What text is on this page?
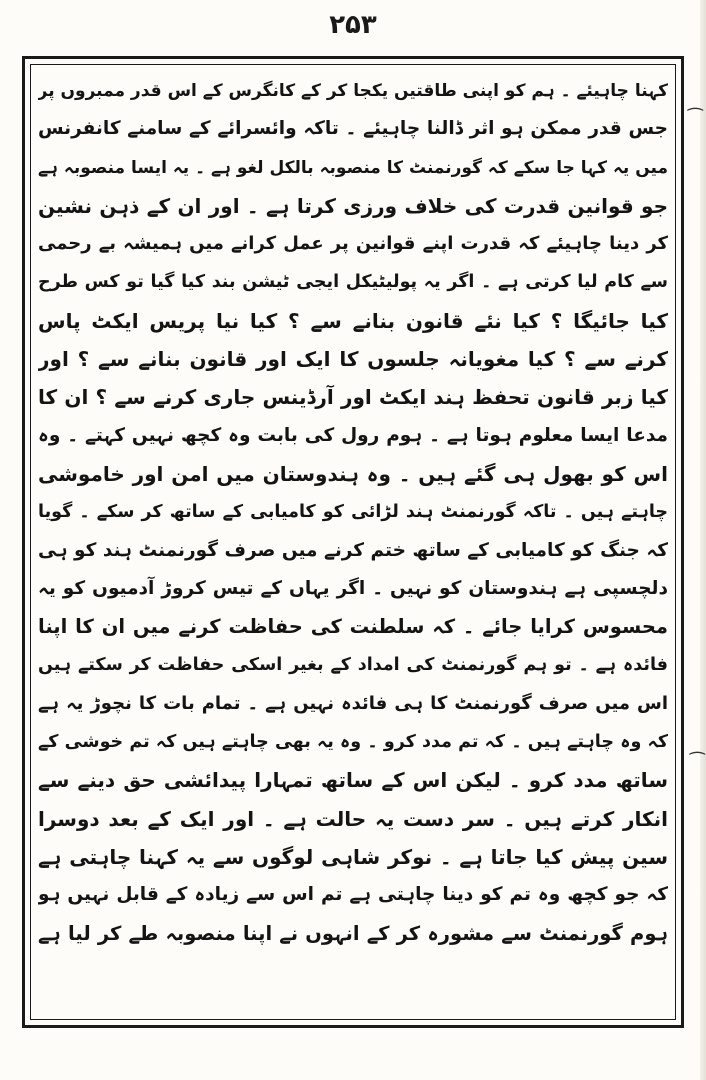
۲۵۳
کہنا چاہیئے ۔ ہم کو اپنی طاقتیں یکجا کر کے کانگرس کے اس قدر ممبروں پر
جس قدر ممکن ہو اثر ڈالنا چاہیئے ۔ تاکہ وائسرائے کے سامنے کانفرنس
میں یہ کہا جا سکے کہ گورنمنٹ کا منصوبہ بالکل لغو ہے ۔ یہ ایسا منصوبہ ہے
جو قوانین قدرت کی خلاف ورزی کرتا ہے ۔ اور ان کے ذہن نشین
کر دینا چاہیئے کہ قدرت اپنے قوانین پر عمل کرانے میں ہمیشہ بے رحمی
سے کام لیا کرتی ہے ۔ اگر یہ پولیٹیکل ایجی ٹیشن بند کیا گیا تو کس طرح
کیا جائیگا ؟ کیا نئے قانون بنانے سے ؟ کیا نیا پریس ایکٹ پاس
کرنے سے ؟ کیا مغویانہ جلسوں کا ایک اور قانون بنانے سے ؟ اور
کیا زبر قانون تحفظ ہند ایکٹ اور آرڈینس جاری کرنے سے ؟ ان کا
مدعا ایسا معلوم ہوتا ہے ۔ ہوم رول کی بابت وہ کچھ نہیں کہتے ۔ وہ
اس کو بھول ہی گئے ہیں ۔ وہ ہندوستان میں امن اور خاموشی
چاہتے ہیں ۔ تاکہ گورنمنٹ ہند لڑائی کو کامیابی کے ساتھ کر سکے ۔ گویا
کہ جنگ کو کامیابی کے ساتھ ختم کرنے میں صرف گورنمنٹ ہند کو ہی
دلچسپی ہے ہندوستان کو نہیں ۔ اگر یہاں کے تیس کروڑ آدمیوں کو یہ
محسوس کرایا جائے ۔ کہ سلطنت کی حفاظت کرنے میں ان کا اپنا
فائدہ ہے ۔ تو ہم گورنمنٹ کی امداد کے بغیر اسکی حفاظت کر سکتے ہیں
اس میں صرف گورنمنٹ کا ہی فائدہ نہیں ہے ۔ تمام بات کا نچوڑ یہ ہے
کہ وہ چاہتے ہیں ۔ کہ تم مدد کرو ۔ وہ یہ بھی چاہتے ہیں کہ تم خوشی کے
ساتھ مدد کرو ۔ لیکن اس کے ساتھ تمہارا پیدائشی حق دینے سے
انکار کرتے ہیں ۔ سر دست یہ حالت ہے ۔ اور ایک کے بعد دوسرا
سین پیش کیا جاتا ہے ۔ نوکر شاہی لوگوں سے یہ کہنا چاہتی ہے
کہ جو کچھ وہ تم کو دینا چاہتی ہے تم اس سے زیادہ کے قابل نہیں ہو
ہوم گورنمنٹ سے مشورہ کر کے انہوں نے اپنا منصوبہ طے کر لیا ہے
⁀
⁀
